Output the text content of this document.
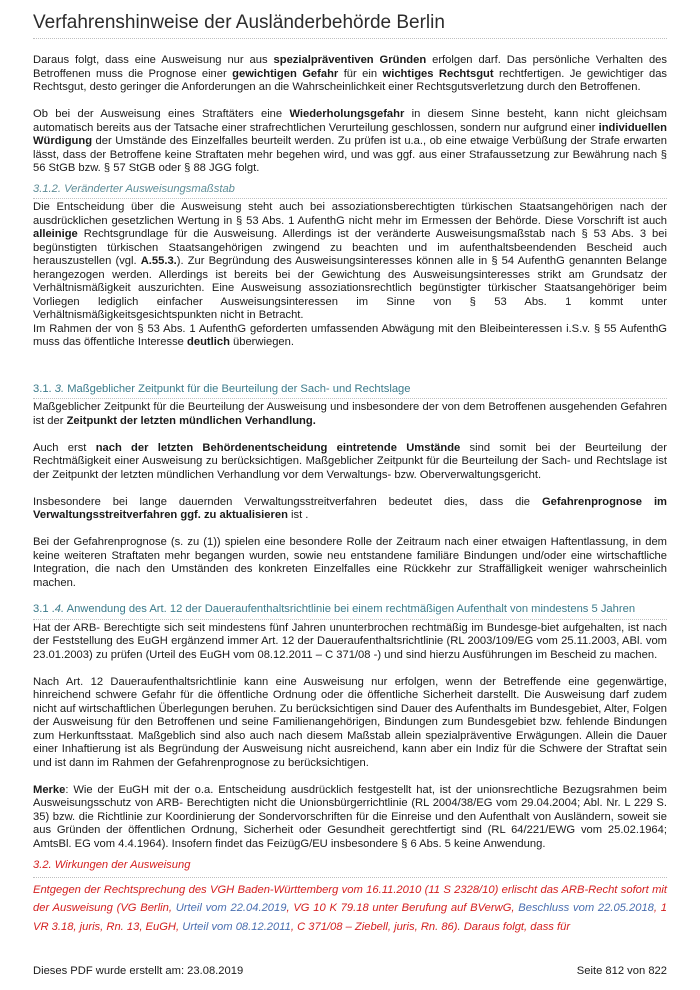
Verfahrenshinweise der Ausländerbehörde Berlin

Daraus folgt, dass eine Ausweisung nur aus spezialpräventiven Gründen erfolgen darf. Das persönliche Verhalten des Betroffenen muss die Prognose einer gewichtigen Gefahr für ein wichtiges Rechtsgut rechtfertigen. Je gewichtiger das Rechtsgut, desto geringer die Anforderungen an die Wahrscheinlichkeit einer Rechtsgutsverletzung durch den Betroffenen.

Ob bei der Ausweisung eines Straftäters eine Wiederholungsgefahr in diesem Sinne besteht, kann nicht gleichsam automatisch bereits aus der Tatsache einer strafrechtlichen Verurteilung geschlossen, sondern nur aufgrund einer individuellen Würdigung der Umstände des Einzelfalles beurteilt werden. Zu prüfen ist u.a., ob eine etwaige Verbüßung der Strafe erwarten lässt, dass der Betroffene keine Straftaten mehr begehen wird, und was ggf. aus einer Strafaussetzung zur Bewährung nach § 56 StGB bzw. § 57 StGB oder § 88 JGG folgt.

3.1.2. Veränderter Ausweisungsmaßstab

Die Entscheidung über die Ausweisung steht auch bei assoziationsberechtigten türkischen Staatsangehörigen nach der ausdrücklichen gesetzlichen Wertung in § 53 Abs. 1 AufenthG nicht mehr im Ermessen der Behörde. Diese Vorschrift ist auch alleinige Rechtsgrundlage für die Ausweisung. Allerdings ist der veränderte Ausweisungsmaßstab nach § 53 Abs. 3 bei begünstigten türkischen Staatsangehörigen zwingend zu beachten und im aufenthaltsbeendenden Bescheid auch herauszustellen (vgl. A.55.3.). Zur Begründung des Ausweisungsinteresses können alle in § 54 AufenthG genannten Belange herangezogen werden. Allerdings ist bereits bei der Gewichtung des Ausweisungsinteresses strikt am Grundsatz der Verhältnismäßigkeit auszurichten. Eine Ausweisung assoziationsrechtlich begünstigter türkischer Staatsangehöriger beim Vorliegen lediglich einfacher Ausweisungsinteressen im Sinne von § 53 Abs. 1 kommt unter Verhältnismäßigkeitsgesichtspunkten nicht in Betracht.

Im Rahmen der von § 53 Abs. 1 AufenthG geforderten umfassenden Abwägung mit den Bleibeinteressen i.S.v. § 55 AufenthG muss das öffentliche Interesse deutlich überwiegen.

3.1. 3. Maßgeblicher Zeitpunkt für die Beurteilung der Sach- und Rechtslage

Maßgeblicher Zeitpunkt für die Beurteilung der Ausweisung und insbesondere der von dem Betroffenen ausgehenden Gefahren ist der Zeitpunkt der letzten mündlichen Verhandlung.

Auch erst nach der letzten Behördenentscheidung eintretende Umstände sind somit bei der Beurteilung der Rechtmäßigkeit einer Ausweisung zu berücksichtigen. Maßgeblicher Zeitpunkt für die Beurteilung der Sach- und Rechtslage ist der Zeitpunkt der letzten mündlichen Verhandlung vor dem Verwaltungs- bzw. Oberverwaltungsgericht.

Insbesondere bei lange dauernden Verwaltungsstreitverfahren bedeutet dies, dass die Gefahrenprognose im Verwaltungsstreitverfahren ggf. zu aktualisieren ist .

Bei der Gefahrenprognose (s. zu (1)) spielen eine besondere Rolle der Zeitraum nach einer etwaigen Haftentlassung, in dem keine weiteren Straftaten mehr begangen wurden, sowie neu entstandene familiäre Bindungen und/oder eine wirtschaftliche Integration, die nach den Umständen des konkreten Einzelfalles eine Rückkehr zur Straffälligkeit weniger wahrscheinlich machen.

3.1 .4. Anwendung des Art. 12 der Daueraufenthaltsrichtlinie bei einem rechtmäßigen Aufenthalt von mindestens 5 Jahren

Hat der ARB- Berechtigte sich seit mindestens fünf Jahren ununterbrochen rechtmäßig im Bundesge-biet aufgehalten, ist nach der Feststellung des EuGH ergänzend immer Art. 12 der Daueraufenthaltsrichtlinie (RL 2003/109/EG vom 25.11.2003, ABl. vom 23.01.2003) zu prüfen (Urteil des EuGH vom 08.12.2011 – C 371/08 -) und sind hierzu Ausführungen im Bescheid zu machen.

Nach Art. 12 Daueraufenthaltsrichtlinie kann eine Ausweisung nur erfolgen, wenn der Betreffende eine gegenwärtige, hinreichend schwere Gefahr für die öffentliche Ordnung oder die öffentliche Sicherheit darstellt. Die Ausweisung darf zudem nicht auf wirtschaftlichen Überlegungen beruhen. Zu berücksichtigen sind Dauer des Aufenthalts im Bundesgebiet, Alter, Folgen der Ausweisung für den Betroffenen und seine Familienangehörigen, Bindungen zum Bundesgebiet bzw. fehlende Bindungen zum Herkunftsstaat. Maßgeblich sind also auch nach diesem Maßstab allein spezialpräventive Erwägungen. Allein die Dauer einer Inhaftierung ist als Begründung der Ausweisung nicht ausreichend, kann aber ein Indiz für die Schwere der Straftat sein und ist dann im Rahmen der Gefahrenprognose zu berücksichtigen.

Merke: Wie der EuGH mit der o.a. Entscheidung ausdrücklich festgestellt hat, ist der unionsrechtliche Bezugsrahmen beim Ausweisungsschutz von ARB- Berechtigten nicht die Unionsbürgerrichtlinie (RL 2004/38/EG vom 29.04.2004; Abl. Nr. L 229 S. 35) bzw. die Richtlinie zur Koordinierung der Sondervorschriften für die Einreise und den Aufenthalt von Ausländern, soweit sie aus Gründen der öffentlichen Ordnung, Sicherheit oder Gesundheit gerechtfertigt sind (RL 64/221/EWG vom 25.02.1964; AmtsBl. EG vom 4.4.1964). Insofern findet das FeizügG/EU insbesondere § 6 Abs. 5 keine Anwendung.

3.2. Wirkungen der Ausweisung

Entgegen der Rechtsprechung des VGH Baden-Württemberg vom 16.11.2010 (11 S 2328/10) erlischt das ARB-Recht sofort mit der Ausweisung (VG Berlin, Urteil vom 22.04.2019, VG 10 K 79.18 unter Berufung auf BVerwG, Beschluss vom 22.05.2018, 1 VR 3.18, juris, Rn. 13, EuGH, Urteil vom 08.12.2011, C 371/08 – Ziebell, juris, Rn. 86). Daraus folgt, dass für

Dieses PDF wurde erstellt am: 23.08.2019	Seite 812 von 822
